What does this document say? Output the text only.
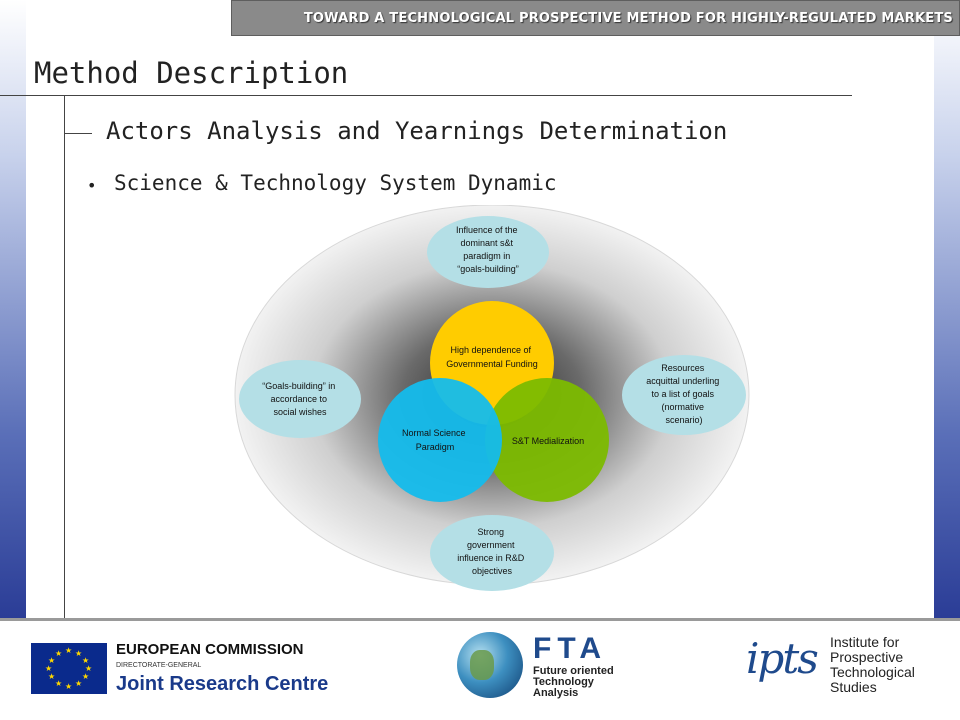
TOWARD A TECHNOLOGICAL PROSPECTIVE METHOD FOR HIGHLY-REGULATED MARKETS
Method Description
Actors Analysis and Yearnings Determination
• Science & Technology System Dynamic
Influence of the dominant s&t paradigm in “goals-building”
“Goals-building” in accordance to social wishes
Resources acquittal underling to a list of goals (normative scenario)
Strong government influence in R&D objectives
High dependence of Governmental Funding
S&T Medialization
Normal Science Paradigm
★ ★
★
★
★
★
★
★
★
★
★
★	EUROPEAN COMMISSION
DIRECTORATE-GENERAL
Joint Research Centre
FTA
Future oriented
Technology
Analysis
ipts Institute for
Prospective
Technological
Studies
